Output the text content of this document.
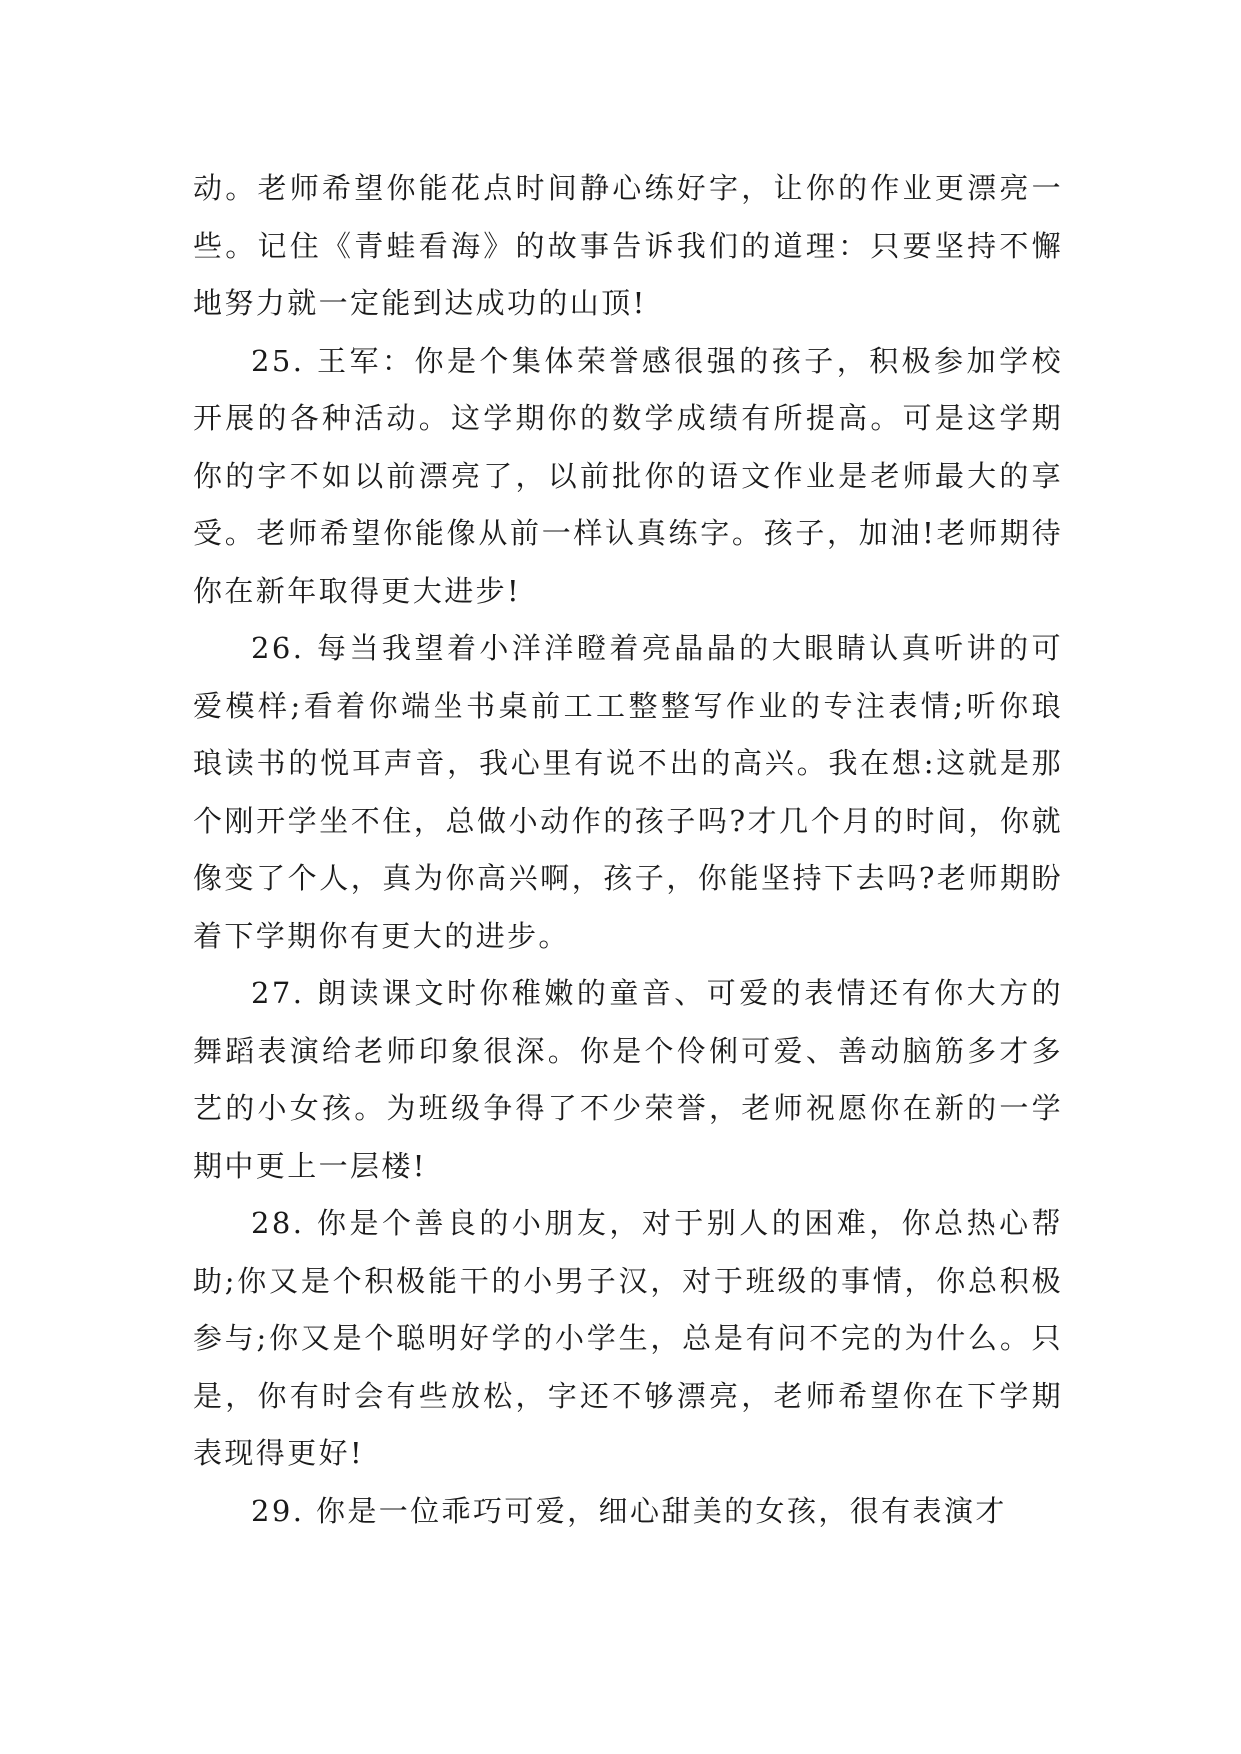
动。老师希望你能花点时间静心练好字，让你的作业更漂亮一些。记住《青蛙看海》的故事告诉我们的道理：只要坚持不懈地努力就一定能到达成功的山顶!

25. 王军：你是个集体荣誉感很强的孩子，积极参加学校开展的各种活动。这学期你的数学成绩有所提高。可是这学期你的字不如以前漂亮了，以前批你的语文作业是老师最大的享受。老师希望你能像从前一样认真练字。孩子，加油!老师期待你在新年取得更大进步!

26. 每当我望着小洋洋瞪着亮晶晶的大眼睛认真听讲的可爱模样;看着你端坐书桌前工工整整写作业的专注表情;听你琅琅读书的悦耳声音，我心里有说不出的高兴。我在想:这就是那个刚开学坐不住，总做小动作的孩子吗?才几个月的时间，你就像变了个人，真为你高兴啊，孩子，你能坚持下去吗?老师期盼着下学期你有更大的进步。

27. 朗读课文时你稚嫩的童音、可爱的表情还有你大方的舞蹈表演给老师印象很深。你是个伶俐可爱、善动脑筋多才多艺的小女孩。为班级争得了不少荣誉，老师祝愿你在新的一学期中更上一层楼!

28. 你是个善良的小朋友，对于别人的困难，你总热心帮助;你又是个积极能干的小男子汉，对于班级的事情，你总积极参与;你又是个聪明好学的小学生，总是有问不完的为什么。只是，你有时会有些放松，字还不够漂亮，老师希望你在下学期表现得更好!

29. 你是一位乖巧可爱，细心甜美的女孩，很有表演才
